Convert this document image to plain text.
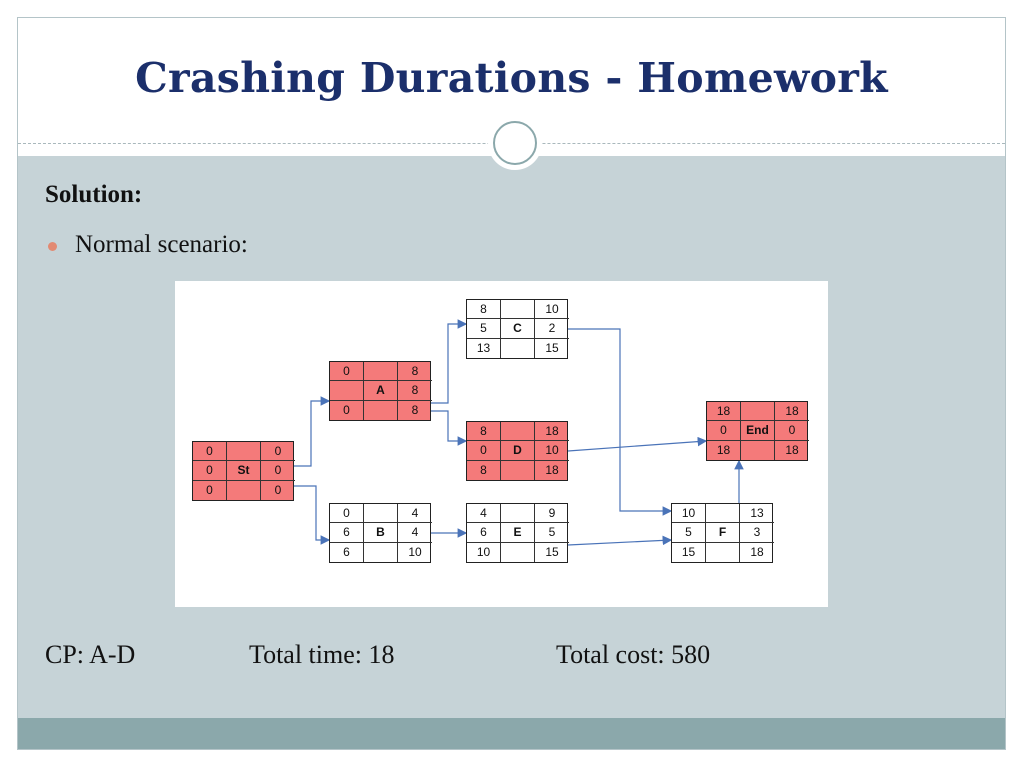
Crashing Durations - Homework
Solution:
Normal scenario:
0	0
0	St	0
0	0
0	8
A	8
0	8
0	4
6	B	4
6	10
8	10
5	C	2
13	15
8	18
0	D	10
8	18
4	9
6	E	5
10	15
10	13
5	F	3
15	18
18	18
0	End	0
18	18
CP: A-D	Total time: 18	Total cost: 580
